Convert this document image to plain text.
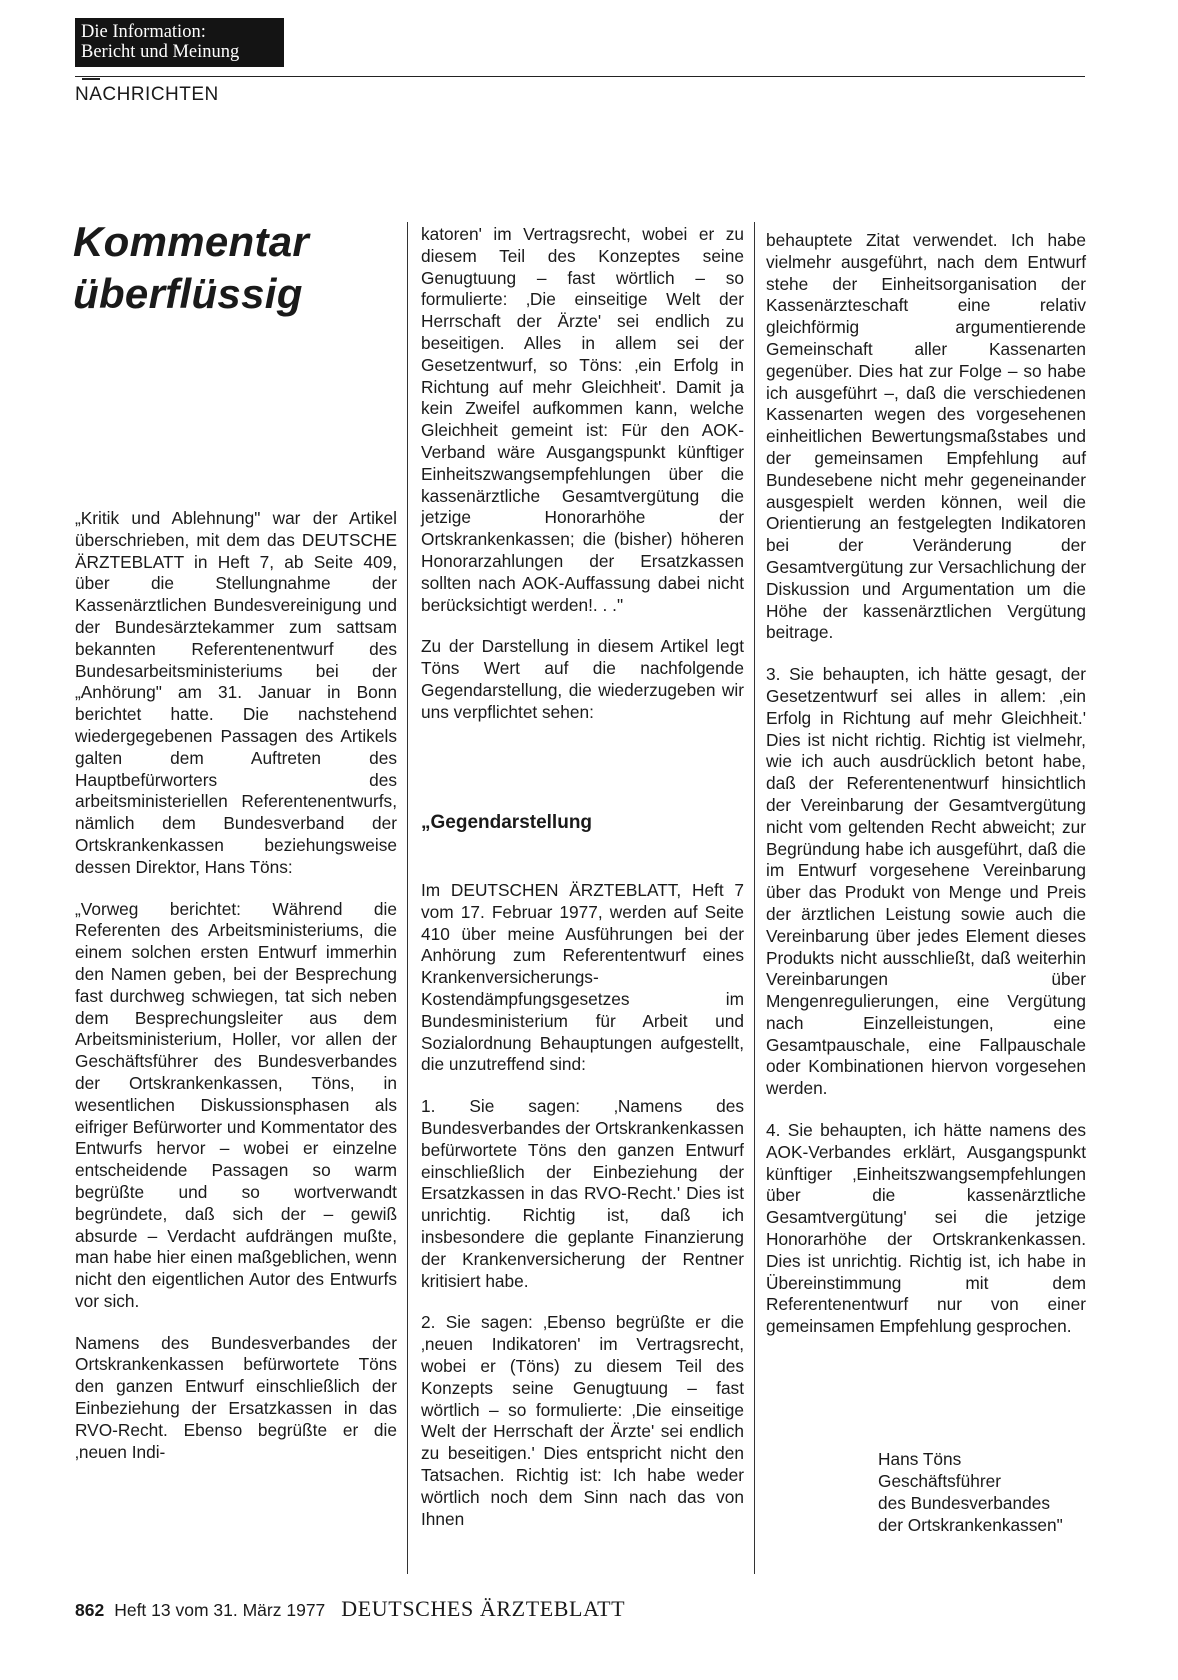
Die Information:
Bericht und Meinung
NACHRICHTEN
Kommentar
überflüssig

„Kritik und Ablehnung" war der Artikel überschrieben, mit dem das DEUTSCHE ÄRZTEBLATT in Heft 7, ab Seite 409, über die Stellungnahme der Kassenärztlichen Bundesvereinigung und der Bundesärztekammer zum sattsam bekannten Referentenentwurf des Bundesarbeitsministeriums bei der „Anhörung" am 31. Januar in Bonn berichtet hatte. Die nachstehend wiedergegebenen Passagen des Artikels galten dem Auftreten des Hauptbefürworters des arbeitsministeriellen Referentenentwurfs, nämlich dem Bundesverband der Ortskrankenkassen beziehungsweise dessen Direktor, Hans Töns:

„Vorweg berichtet: Während die Referenten des Arbeitsministeriums, die einem solchen ersten Entwurf immerhin den Namen geben, bei der Besprechung fast durchweg schwiegen, tat sich neben dem Besprechungsleiter aus dem Arbeitsministerium, Holler, vor allen der Geschäftsführer des Bundesverbandes der Ortskrankenkassen, Töns, in wesentlichen Diskussionsphasen als eifriger Befürworter und Kommentator des Entwurfs hervor – wobei er einzelne entscheidende Passagen so warm begrüßte und so wortverwandt begründete, daß sich der – gewiß absurde – Verdacht aufdrängen mußte, man habe hier einen maßgeblichen, wenn nicht den eigentlichen Autor des Entwurfs vor sich.

Namens des Bundesverbandes der Ortskrankenkassen befürwortete Töns den ganzen Entwurf einschließlich der Einbeziehung der Ersatzkassen in das RVO-Recht. Ebenso begrüßte er die ‚neuen Indi-

katoren' im Vertragsrecht, wobei er zu diesem Teil des Konzeptes seine Genugtuung – fast wörtlich – so formulierte: ‚Die einseitige Welt der Herrschaft der Ärzte' sei endlich zu beseitigen. Alles in allem sei der Gesetzentwurf, so Töns: ‚ein Erfolg in Richtung auf mehr Gleichheit'. Damit ja kein Zweifel aufkommen kann, welche Gleichheit gemeint ist: Für den AOK-Verband wäre Ausgangspunkt künftiger Einheitszwangsempfehlungen über die kassenärztliche Gesamtvergütung die jetzige Honorarhöhe der Ortskrankenkassen; die (bisher) höheren Honorarzahlungen der Ersatzkassen sollten nach AOK-Auffassung dabei nicht berücksichtigt werden!. . ."

Zu der Darstellung in diesem Artikel legt Töns Wert auf die nachfolgende Gegendarstellung, die wiederzugeben wir uns verpflichtet sehen:

„Gegendarstellung

Im DEUTSCHEN ÄRZTEBLATT, Heft 7 vom 17. Februar 1977, werden auf Seite 410 über meine Ausführungen bei der Anhörung zum Referententwurf eines Krankenversicherungs-Kostendämpfungsgesetzes im Bundesministerium für Arbeit und Sozialordnung Behauptungen aufgestellt, die unzutreffend sind:

1. Sie sagen: ‚Namens des Bundesverbandes der Ortskrankenkassen befürwortete Töns den ganzen Entwurf einschließlich der Einbeziehung der Ersatzkassen in das RVO-Recht.' Dies ist unrichtig. Richtig ist, daß ich insbesondere die geplante Finanzierung der Krankenversicherung der Rentner kritisiert habe.

2. Sie sagen: ‚Ebenso begrüßte er die ‚neuen Indikatoren' im Vertragsrecht, wobei er (Töns) zu diesem Teil des Konzepts seine Genugtuung – fast wörtlich – so formulierte: ‚Die einseitige Welt der Herrschaft der Ärzte' sei endlich zu beseitigen.' Dies entspricht nicht den Tatsachen. Richtig ist: Ich habe weder wörtlich noch dem Sinn nach das von Ihnen

behauptete Zitat verwendet. Ich habe vielmehr ausgeführt, nach dem Entwurf stehe der Einheitsorganisation der Kassenärzteschaft eine relativ gleichförmig argumentierende Gemeinschaft aller Kassenarten gegenüber. Dies hat zur Folge – so habe ich ausgeführt –, daß die verschiedenen Kassenarten wegen des vorgesehenen einheitlichen Bewertungsmaßstabes und der gemeinsamen Empfehlung auf Bundesebene nicht mehr gegeneinander ausgespielt werden können, weil die Orientierung an festgelegten Indikatoren bei der Veränderung der Gesamtvergütung zur Versachlichung der Diskussion und Argumentation um die Höhe der kassenärztlichen Vergütung beitrage.

3. Sie behaupten, ich hätte gesagt, der Gesetzentwurf sei alles in allem: ‚ein Erfolg in Richtung auf mehr Gleichheit.' Dies ist nicht richtig. Richtig ist vielmehr, wie ich auch ausdrücklich betont habe, daß der Referentenentwurf hinsichtlich der Vereinbarung der Gesamtvergütung nicht vom geltenden Recht abweicht; zur Begründung habe ich ausgeführt, daß die im Entwurf vorgesehene Vereinbarung über das Produkt von Menge und Preis der ärztlichen Leistung sowie auch die Vereinbarung über jedes Element dieses Produkts nicht ausschließt, daß weiterhin Vereinbarungen über Mengenregulierungen, eine Vergütung nach Einzelleistungen, eine Gesamtpauschale, eine Fallpauschale oder Kombinationen hiervon vorgesehen werden.

4. Sie behaupten, ich hätte namens des AOK-Verbandes erklärt, Ausgangspunkt künftiger ‚Einheitszwangsempfehlungen über die kassenärztliche Gesamtvergütung' sei die jetzige Honorarhöhe der Ortskrankenkassen. Dies ist unrichtig. Richtig ist, ich habe in Übereinstimmung mit dem Referentenentwurf nur von einer gemeinsamen Empfehlung gesprochen.

Hans Töns
Geschäftsführer
des Bundesverbandes
der Ortskrankenkassen"
862 Heft 13 vom 31. März 1977 DEUTSCHES ÄRZTEBLATT
